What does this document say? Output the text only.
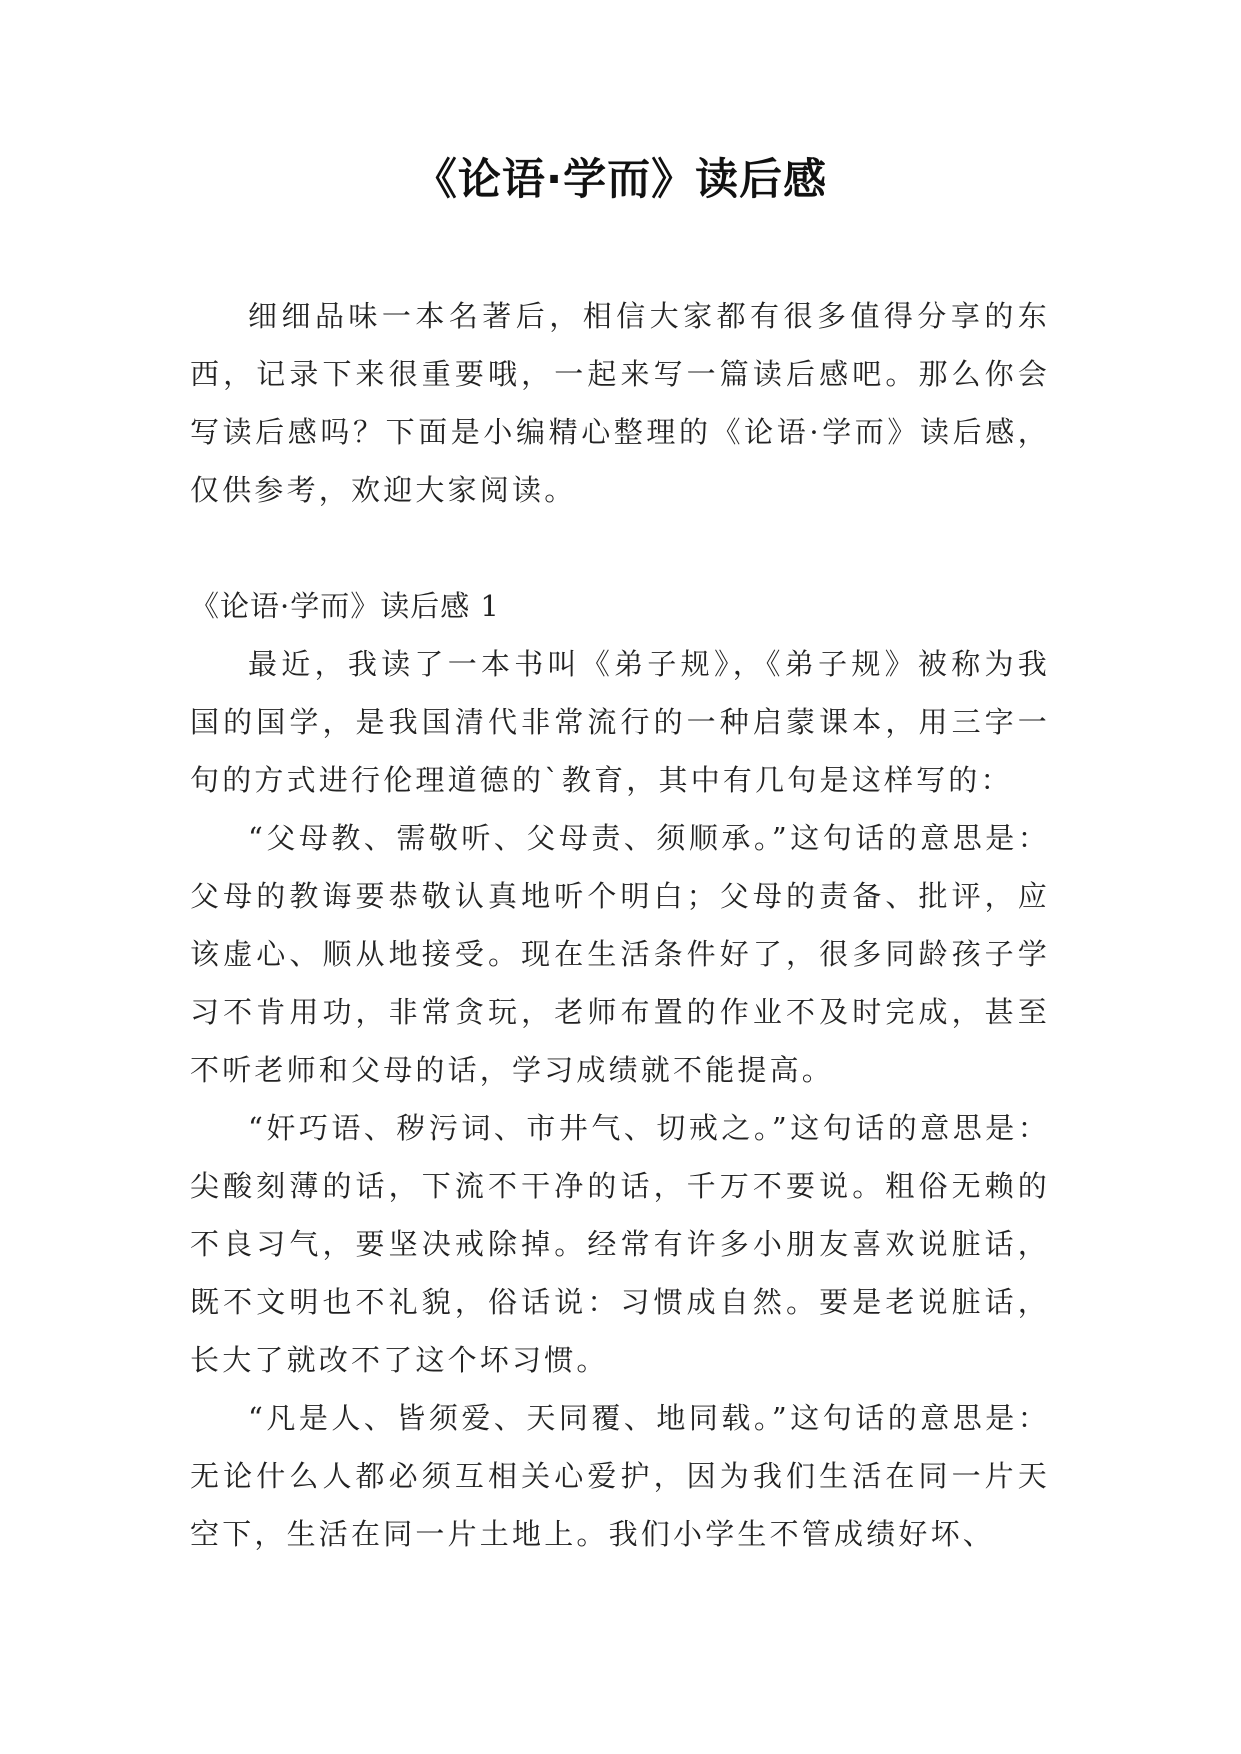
《论语·学而》读后感

细细品味一本名著后，相信大家都有很多值得分享的东西，记录下来很重要哦，一起来写一篇读后感吧。那么你会写读后感吗？下面是小编精心整理的《论语·学而》读后感，仅供参考，欢迎大家阅读。

《论语·学而》读后感 1

最近，我读了一本书叫《弟子规》，《弟子规》被称为我国的国学，是我国清代非常流行的一种启蒙课本，用三字一句的方式进行伦理道德的`教育，其中有几句是这样写的：

“父母教、需敬听、父母责、须顺承。”这句话的意思是：父母的教诲要恭敬认真地听个明白；父母的责备、批评，应该虚心、顺从地接受。现在生活条件好了，很多同龄孩子学习不肯用功，非常贪玩，老师布置的作业不及时完成，甚至不听老师和父母的话，学习成绩就不能提高。

“奸巧语、秽污词、市井气、切戒之。”这句话的意思是：尖酸刻薄的话，下流不干净的话，千万不要说。粗俗无赖的不良习气，要坚决戒除掉。经常有许多小朋友喜欢说脏话，既不文明也不礼貌，俗话说：习惯成自然。要是老说脏话，长大了就改不了这个坏习惯。

“凡是人、皆须爱、天同覆、地同载。”这句话的意思是：无论什么人都必须互相关心爱护，因为我们生活在同一片天空下，生活在同一片土地上。我们小学生不管成绩好坏、
